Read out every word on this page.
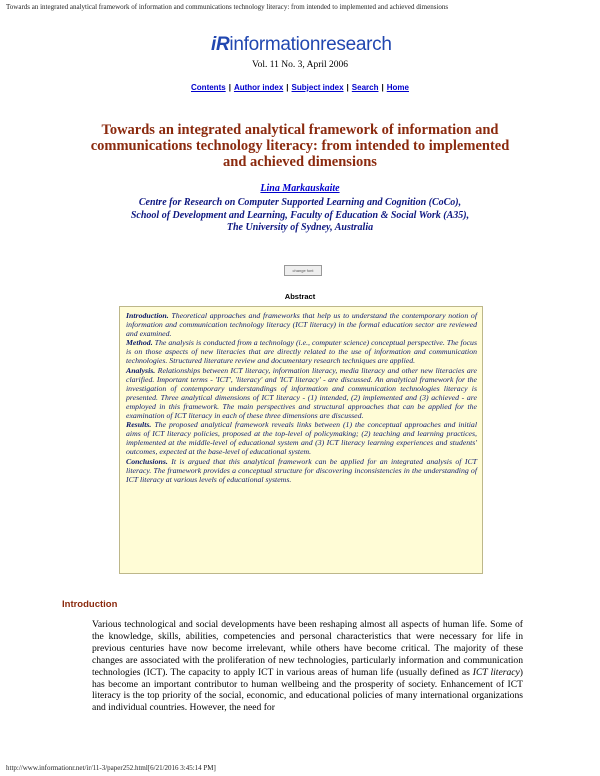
Towards an integrated analytical framework of information and communications technology literacy: from intended to implemented and achieved dimensions
iRinformationresearch
Vol. 11 No. 3, April 2006
Contents | Author index | Subject index | Search | Home
Towards an integrated analytical framework of information and communications technology literacy: from intended to implemented and achieved dimensions
Lina Markauskaite
Centre for Research on Computer Supported Learning and Cognition (CoCo),
School of Development and Learning, Faculty of Education & Social Work (A35),
The University of Sydney, Australia
change font
Abstract

Introduction. Theoretical approaches and frameworks that help us to understand the contemporary notion of information and communication technology literacy (ICT literacy) in the formal education sector are reviewed and examined.

Method. The analysis is conducted from a technology (i.e., computer science) conceptual perspective. The focus is on those aspects of new literacies that are directly related to the use of information and communication technologies. Structured literature review and documentary research techniques are applied.

Analysis. Relationships between ICT literacy, information literacy, media literacy and other new literacies are clarified. Important terms - 'ICT', 'literacy' and 'ICT literacy' - are discussed. An analytical framework for the investigation of contemporary understandings of information and communication technologies literacy is presented. Three analytical dimensions of ICT literacy - (1) intended, (2) implemented and (3) achieved - are employed in this framework. The main perspectives and structural approaches that can be applied for the examination of ICT literacy in each of these three dimensions are discussed.

Results. The proposed analytical framework reveals links between (1) the conceptual approaches and initial aims of ICT literacy policies, proposed at the top-level of policymaking; (2) teaching and learning practices, implemented at the middle-level of educational system and (3) ICT literacy learning experiences and students' outcomes, expected at the base-level of educational system.

Conclusions. It is argued that this analytical framework can be applied for an integrated analysis of ICT literacy. The framework provides a conceptual structure for discovering inconsistencies in the understanding of ICT literacy at various levels of educational systems.

Introduction
Various technological and social developments have been reshaping almost all aspects of human life. Some of the knowledge, skills, abilities, competencies and personal characteristics that were necessary for life in previous centuries have now become irrelevant, while others have become critical. The majority of these changes are associated with the proliferation of new technologies, particularly information and communication technologies (ICT). The capacity to apply ICT in various areas of human life (usually defined as ICT literacy) has become an important contributor to human wellbeing and the prosperity of society. Enhancement of ICT literacy is the top priority of the social, economic, and educational policies of many international organizations and individual countries. However, the need for
http://www.informationr.net/ir/11-3/paper252.html[6/21/2016 3:45:14 PM]
